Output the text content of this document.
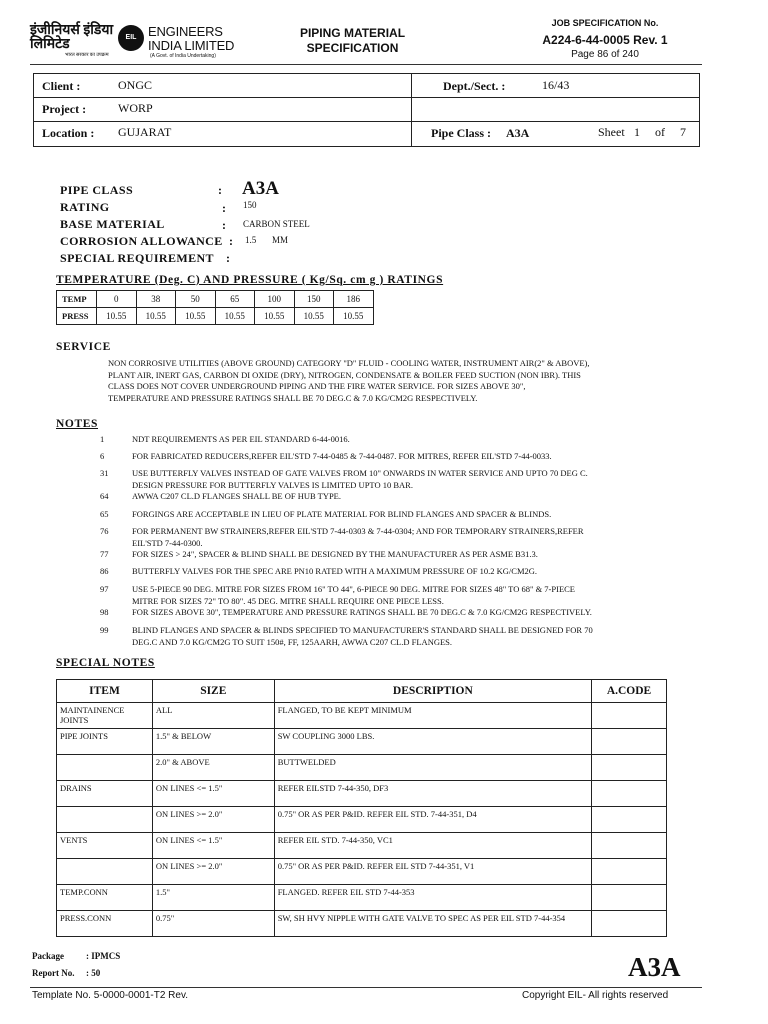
इंजीनियर्स इंडिया लिमिटेड	EIL ENGINEERS
INDIA LIMITED
भारत सरकार का उपक्रम	(A Govt. of India Undertaking)
PIPING MATERIAL
SPECIFICATION
JOB SPECIFICATION No.
A224-6-44-0005 Rev. 1
Page 86 of 240
Client :	ONGC	Dept./Sect. :	16/43
Project :	WORP
Location : GUJARAT	Pipe Class : A3A	Sheet 1 of 7
PIPE CLASS	: A3A
RATING	: 150
BASE MATERIAL	: CARBON STEEL
CORROSION ALLOWANCE : 1.5 MM
SPECIAL REQUIREMENT :
TEMPERATURE (Deg. C) AND PRESSURE ( Kg/Sq. cm g ) RATINGS
TEMP	0	38	50	65	100	150	186
PRESS	10.55	10.55	10.55	10.55	10.55	10.55	10.55
SERVICE
NON CORROSIVE UTILITIES (ABOVE GROUND) CATEGORY "D" FLUID - COOLING WATER, INSTRUMENT AIR(2" & ABOVE),
PLANT AIR, INERT GAS, CARBON DI OXIDE (DRY), NITROGEN, CONDENSATE & BOILER FEED SUCTION (NON IBR). THIS
CLASS DOES NOT COVER UNDERGROUND PIPING AND THE FIRE WATER SERVICE. FOR SIZES ABOVE 30",
TEMPERATURE AND PRESSURE RATINGS SHALL BE 70 DEG.C & 7.0 KG/CM2G RESPECTIVELY.
NOTES
1	NDT REQUIREMENTS AS PER EIL STANDARD 6-44-0016.
6	FOR FABRICATED REDUCERS,REFER EIL'STD 7-44-0485 & 7-44-0487. FOR MITRES, REFER EIL'STD 7-44-0033.
31	USE BUTTERFLY VALVES INSTEAD OF GATE VALVES FROM 10" ONWARDS IN WATER SERVICE AND UPTO 70 DEG C.
DESIGN PRESSURE FOR BUTTERFLY VALVES IS LIMITED UPTO 10 BAR.
64	AWWA C207 CL.D FLANGES SHALL BE OF HUB TYPE.
65	FORGINGS ARE ACCEPTABLE IN LIEU OF PLATE MATERIAL FOR BLIND FLANGES AND SPACER & BLINDS.
76	FOR PERMANENT BW STRAINERS,REFER EIL'STD 7-44-0303 & 7-44-0304; AND FOR TEMPORARY STRAINERS,REFER
EIL'STD 7-44-0300.
77	FOR SIZES > 24", SPACER & BLIND SHALL BE DESIGNED BY THE MANUFACTURER AS PER ASME B31.3.
86	BUTTERFLY VALVES FOR THE SPEC ARE PN10 RATED WITH A MAXIMUM PRESSURE OF 10.2 KG/CM2G.
97	USE 5-PIECE 90 DEG. MITRE FOR SIZES FROM 16" TO 44", 6-PIECE 90 DEG. MITRE FOR SIZES 48" TO 68" & 7-PIECE
MITRE FOR SIZES 72" TO 80". 45 DEG. MITRE SHALL REQUIRE ONE PIECE LESS.
98	FOR SIZES ABOVE 30", TEMPERATURE AND PRESSURE RATINGS SHALL BE 70 DEG.C & 7.0 KG/CM2G RESPECTIVELY.
99	BLIND FLANGES AND SPACER & BLINDS SPECIFIED TO MANUFACTURER'S STANDARD SHALL BE DESIGNED FOR 70
DEG.C AND 7.0 KG/CM2G TO SUIT 150#, FF, 125AARH, AWWA C207 CL.D FLANGES.
SPECIAL NOTES
ITEM	SIZE	DESCRIPTION	A.CODE
MAINTAINENCE JOINTS	ALL	FLANGED, TO BE KEPT MINIMUM	
PIPE JOINTS	1.5" & BELOW	SW COUPLING 3000 LBS.	
	2.0" & ABOVE	BUTTWELDED	
DRAINS	ON LINES <= 1.5"	REFER EILSTD 7-44-350, DF3	
	ON LINES >= 2.0"	0.75" OR AS PER P&ID. REFER EIL STD. 7-44-351, D4	
VENTS	ON LINES <= 1.5"	REFER EIL STD. 7-44-350, VC1	
	ON LINES >= 2.0"	0.75" OR AS PER P&ID. REFER EIL STD 7-44-351, V1	
TEMP.CONN	1.5"	FLANGED. REFER EIL STD 7-44-353	
PRESS.CONN	0.75"	SW, SH HVY NIPPLE WITH GATE VALVE TO SPEC AS PER EIL STD 7-44-354	
Package : IPMCS
Report No. : 50	A3A
Template No. 5-0000-0001-T2 Rev.	Copyright EIL- All rights reserved
